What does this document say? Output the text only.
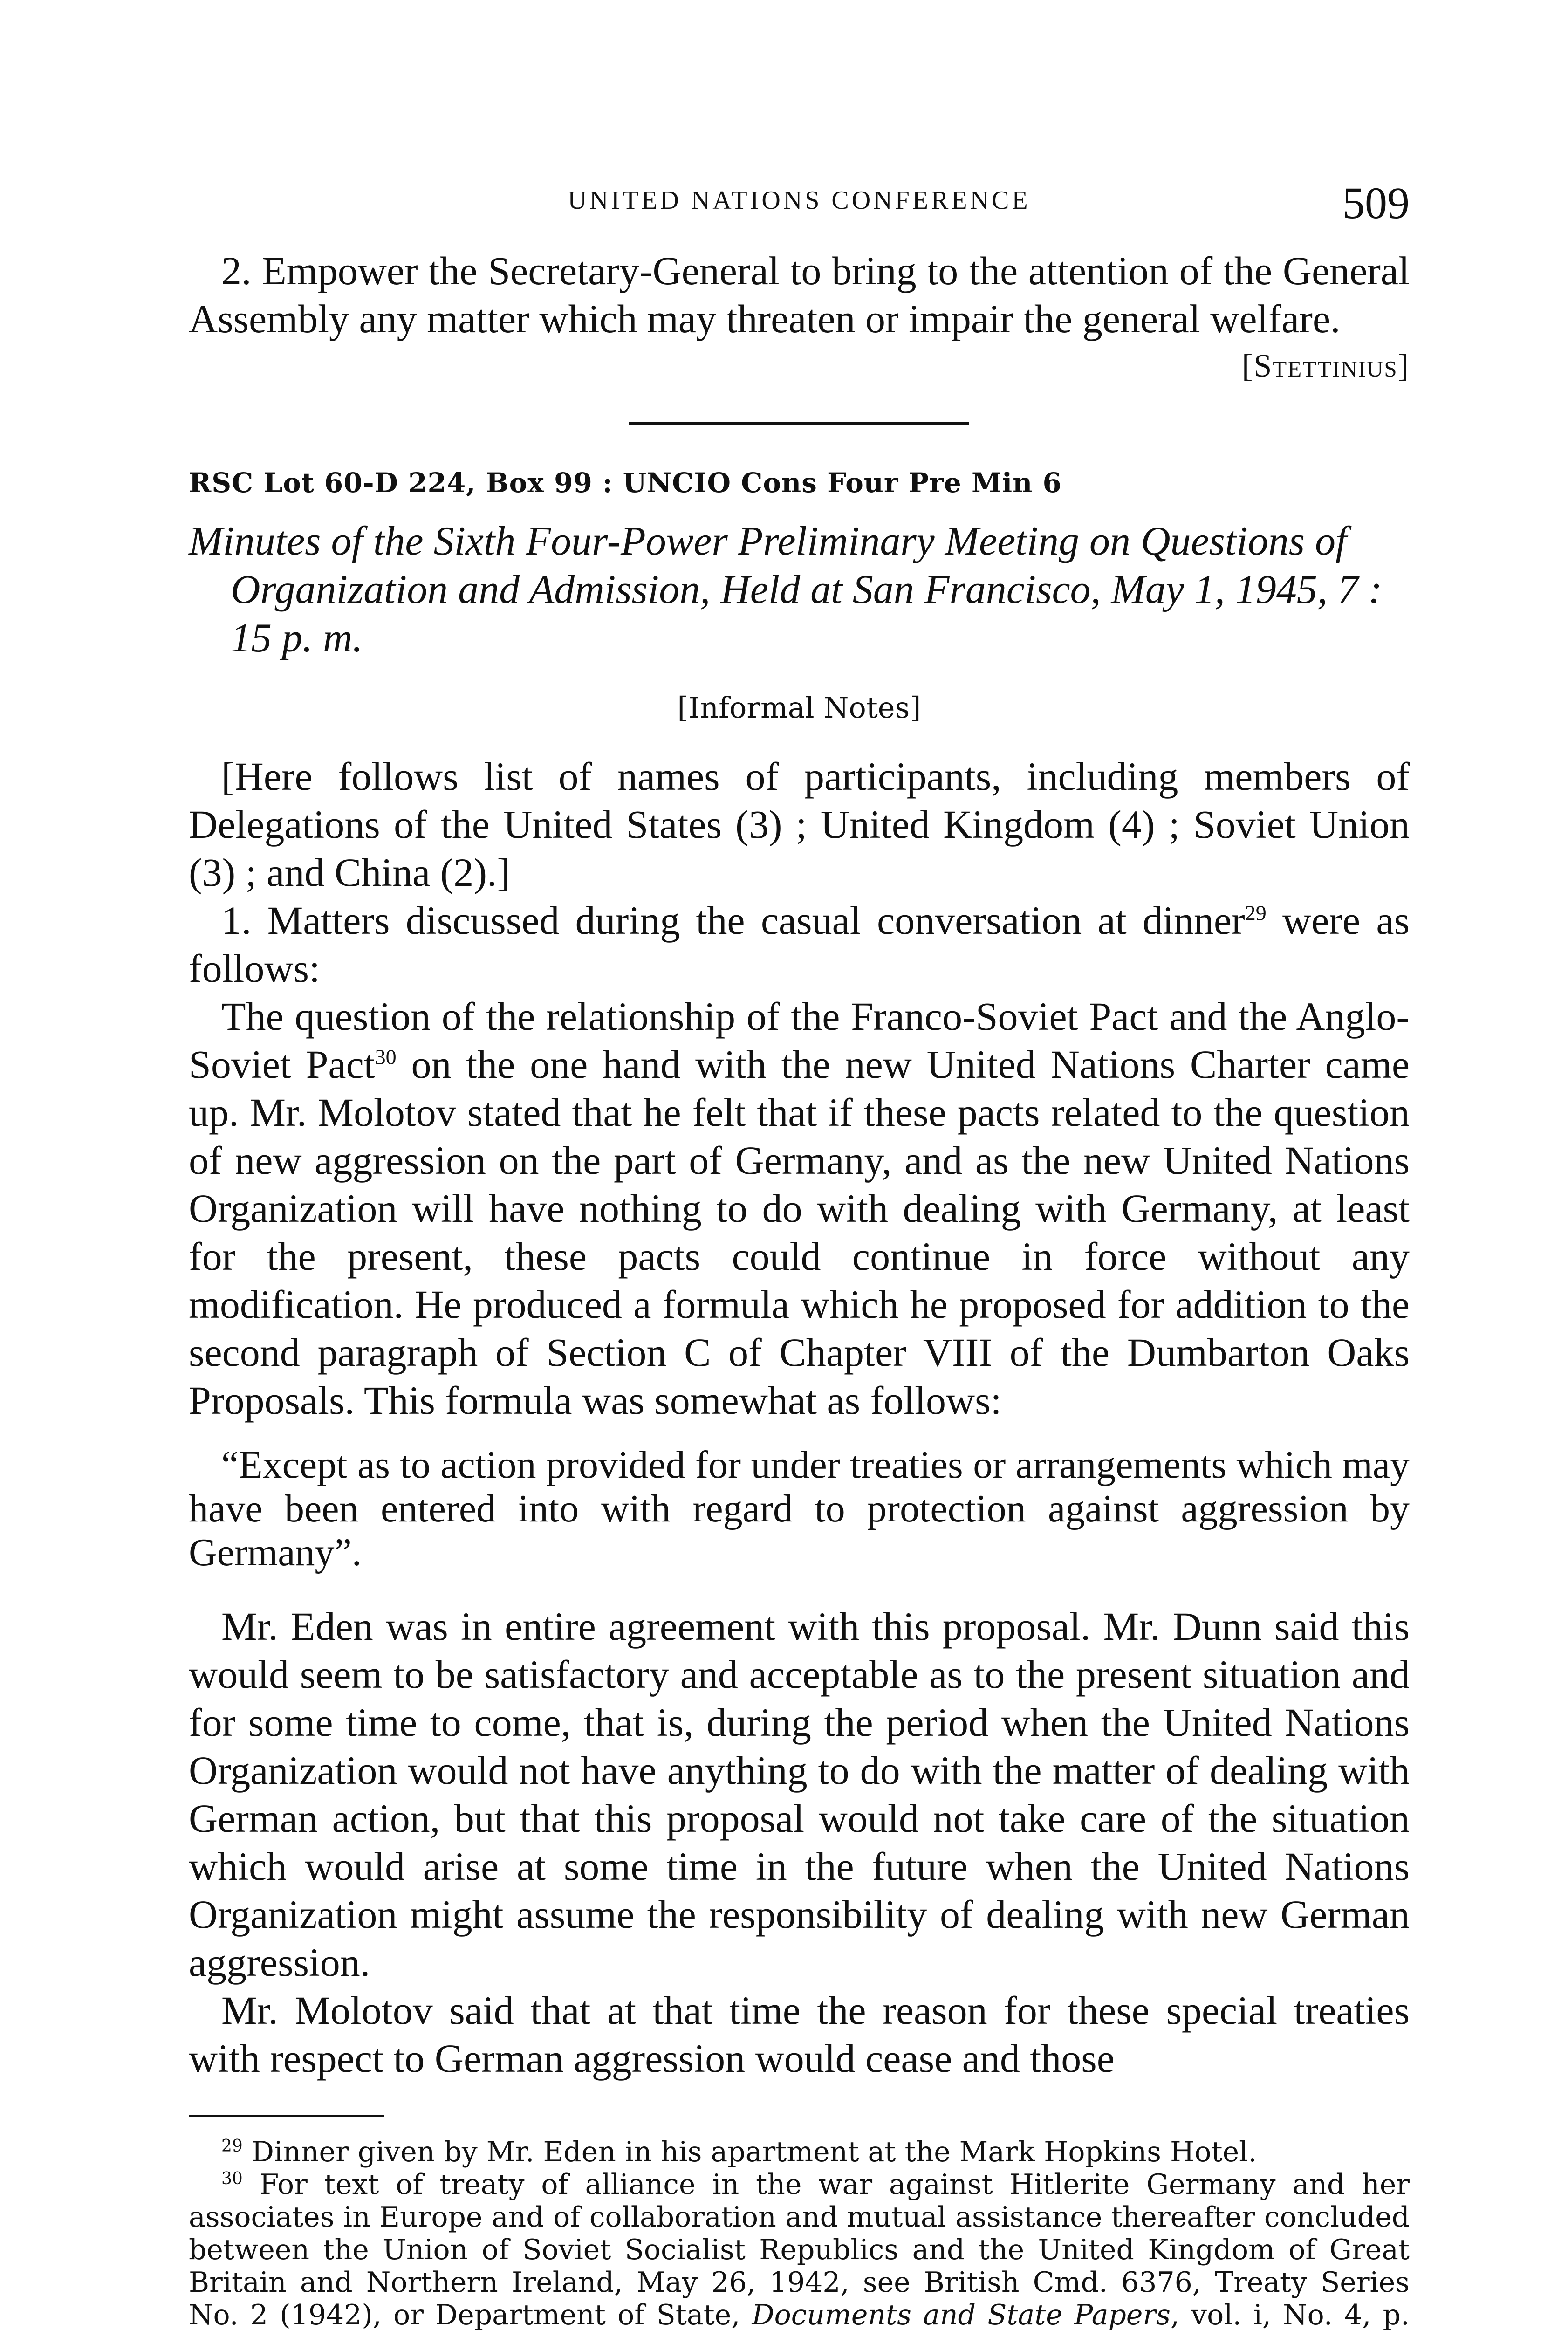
UNITED NATIONS CONFERENCE	509

2. Empower the Secretary-General to bring to the attention of the General Assembly any matter which may threaten or impair the general welfare.

[Stettinius]
RSC Lot 60-D 224, Box 99 : UNCIO Cons Four Pre Min 6
Minutes of the Sixth Four-Power Preliminary Meeting on Questions of Organization and Admission, Held at San Francisco, May 1, 1945, 7 : 15 p. m.
[Informal Notes]

[Here follows list of names of participants, including members of Delegations of the United States (3) ; United Kingdom (4) ; Soviet Union (3) ; and China (2).]

1. Matters discussed during the casual conversation at dinner$^{29}$ were as follows:

The question of the relationship of the Franco-Soviet Pact and the Anglo-Soviet Pact$^{30}$ on the one hand with the new United Nations Charter came up. Mr. Molotov stated that he felt that if these pacts related to the question of new aggression on the part of Germany, and as the new United Nations Organization will have nothing to do with dealing with Germany, at least for the present, these pacts could continue in force without any modification. He produced a formula which he proposed for addition to the second paragraph of Section C of Chapter VIII of the Dumbarton Oaks Proposals. This formula was somewhat as follows:

“Except as to action provided for under treaties or arrangements which may have been entered into with regard to protection against aggression by Germany”.

Mr. Eden was in entire agreement with this proposal. Mr. Dunn said this would seem to be satisfactory and acceptable as to the present situation and for some time to come, that is, during the period when the United Nations Organization would not have anything to do with the matter of dealing with German action, but that this proposal would not take care of the situation which would arise at some time in the future when the United Nations Organization might assume the responsibility of dealing with new German aggression.

Mr. Molotov said that at that time the reason for these special treaties with respect to German aggression would cease and those

$^{29}$ Dinner given by Mr. Eden in his apartment at the Mark Hopkins Hotel.

$^{30}$ For text of treaty of alliance in the war against Hitlerite Germany and her associates in Europe and of collaboration and mutual assistance thereafter concluded between the Union of Soviet Socialist Republics and the United Kingdom of Great Britain and Northern Ireland, May 26, 1942, see British Cmd. 6376, Treaty Series No. 2 (1942), or Department of State, Documents and State Papers, vol. i, No. 4, p.
